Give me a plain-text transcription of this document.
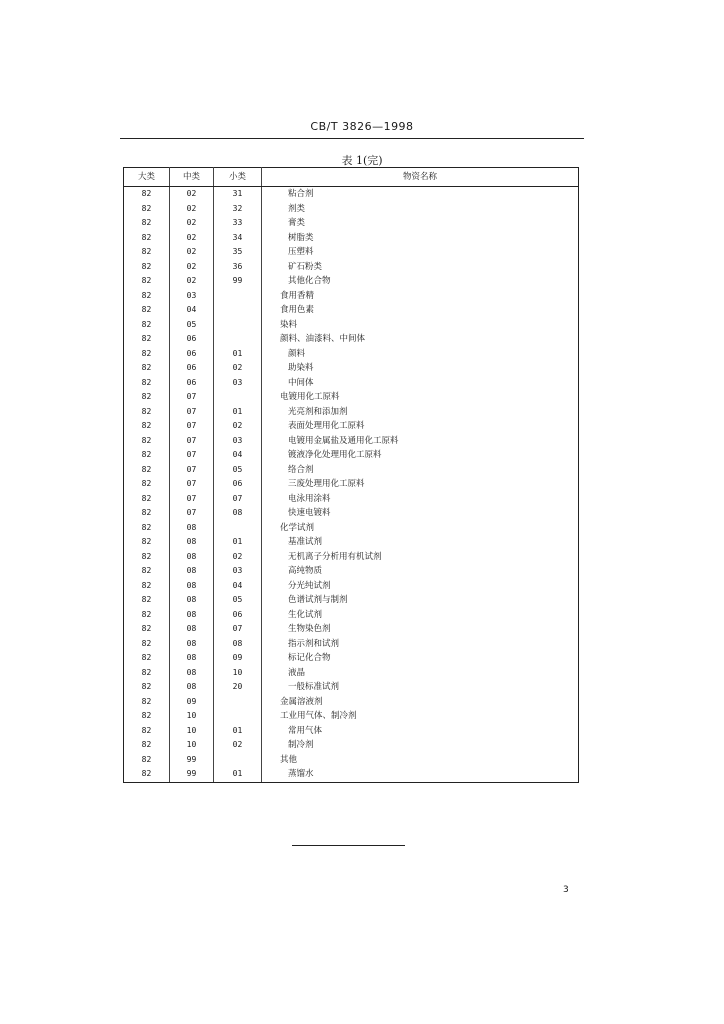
CB/T 3826—1998
表 1(完)
大类	中类	小类	物资名称
82	02	31	粘合剂
82	02	32	剂类
82	02	33	膏类
82	02	34	树脂类
82	02	35	压塑料
82	02	36	矿石粉类
82	02	99	其他化合物
82	03		食用香精
82	04		食用色素
82	05		染料
82	06		颜料、油漆料、中间体
82	06	01	颜料
82	06	02	助染料
82	06	03	中间体
82	07		电镀用化工原料
82	07	01	光亮剂和添加剂
82	07	02	表面处理用化工原料
82	07	03	电镀用金属盐及通用化工原料
82	07	04	镀液净化处理用化工原料
82	07	05	络合剂
82	07	06	三废处理用化工原料
82	07	07	电泳用涂料
82	07	08	快速电镀料
82	08		化学试剂
82	08	01	基准试剂
82	08	02	无机离子分析用有机试剂
82	08	03	高纯物质
82	08	04	分光纯试剂
82	08	05	色谱试剂与制剂
82	08	06	生化试剂
82	08	07	生物染色剂
82	08	08	指示剂和试剂
82	08	09	标记化合物
82	08	10	液晶
82	08	20	一般标准试剂
82	09		金属溶液剂
82	10		工业用气体、制冷剂
82	10	01	常用气体
82	10	02	制冷剂
82	99		其他
82	99	01	蒸馏水
3
